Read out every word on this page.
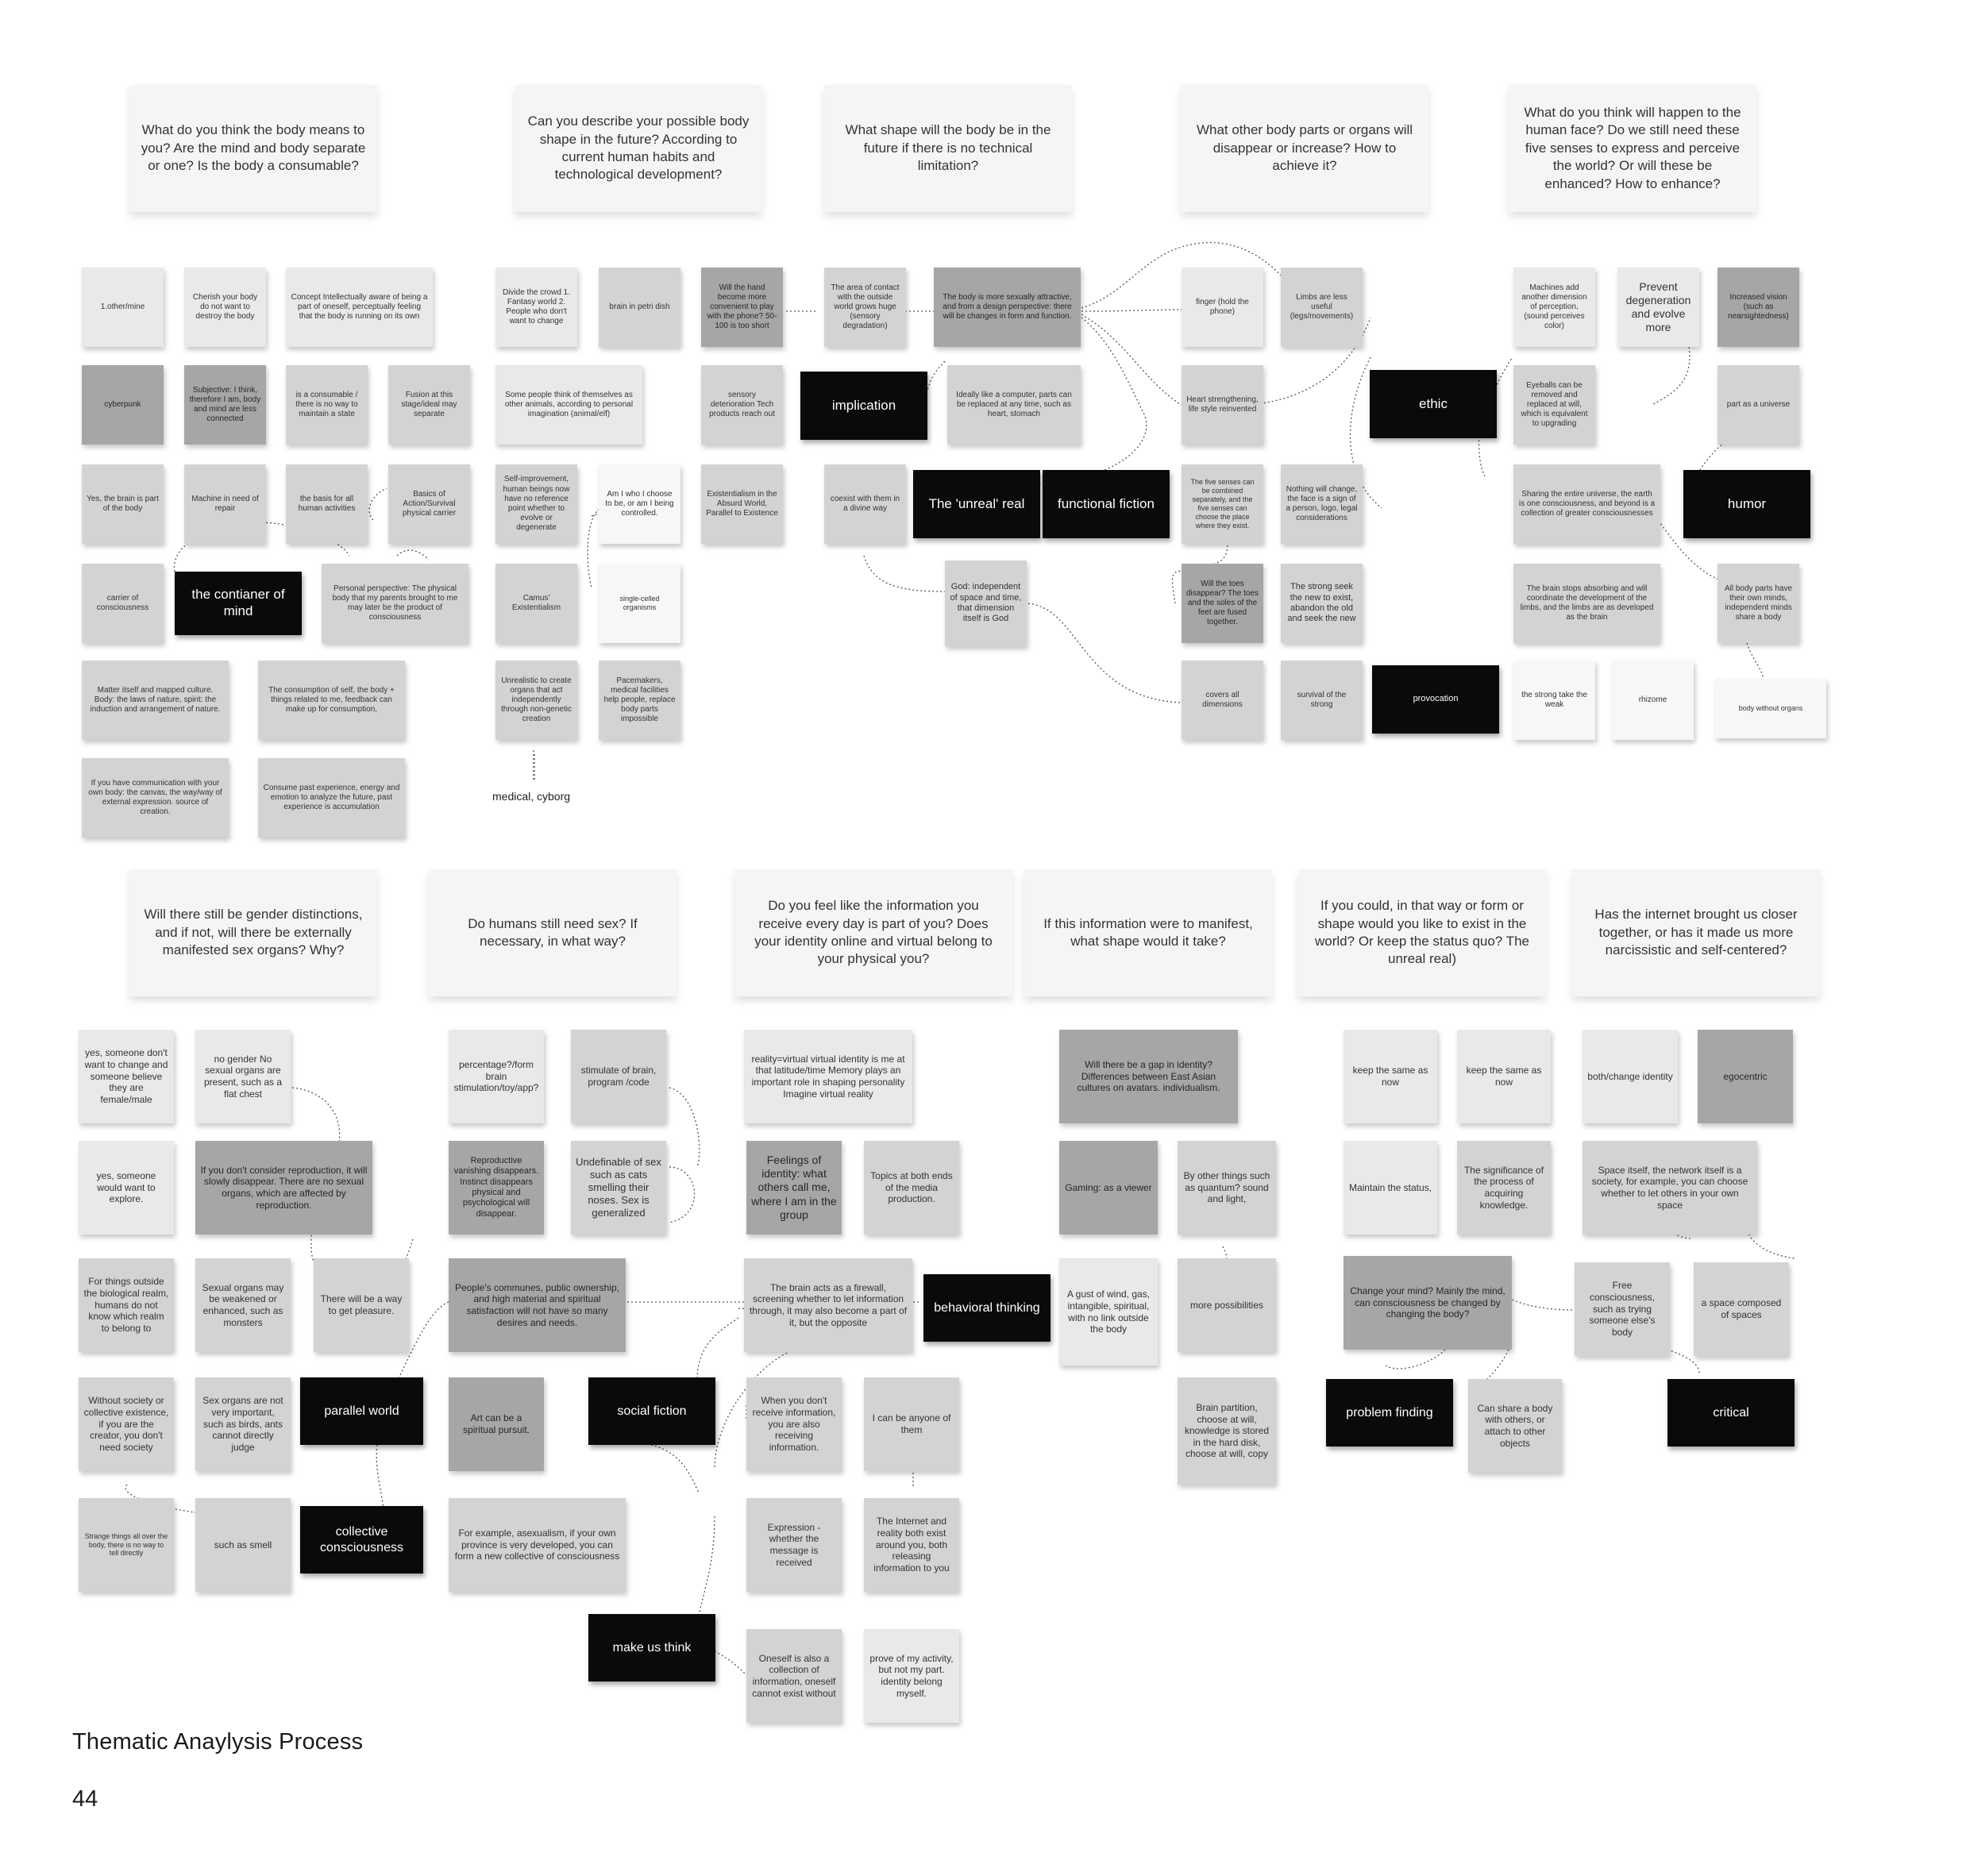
What do you think the body means to you? Are the mind and body separate or one? Is the body a consumable?
Can you describe your possible body shape in the future? According to current human habits and technological development?
What shape will the body be in the future if there is no technical limitation?
What other body parts or organs will disappear or increase? How to achieve it?
What do you think will happen to the human face? Do we still need these five senses to express and perceive the world? Or will these be enhanced? How to enhance?
Will there still be gender distinctions, and if not, will there be externally manifested sex organs? Why?
Do humans still need sex? If necessary, in what way?
Do you feel like the information you receive every day is part of you? Does your identity online and virtual belong to your physical you?
If this information were to manifest, what shape would it take?
If you could, in that way or form or shape would you like to exist in the world? Or keep the status quo? The unreal real)
Has the internet brought us closer together, or has it made us more narcissistic and self-centered?
1.other/mine
Cherish your body do not want to destroy the body
Concept Intellectually aware of being a part of oneself, perceptually feeling that the body is running on its own
cyberpunk
Subjective: I think, therefore I am, body and mind are less connected
is a consumable / there is no way to maintain a state
Fusion at this stage/ideal may separate
Yes, the brain is part of the body
Machine in need of repair
the basis for all human activities
Basics of Action/Survival physical carrier
carrier of consciousness
the contianer of mind
Personal perspective: The physical body that my parents brought to me may later be the product of consciousness
Matter itself and mapped culture. Body: the laws of nature, spirit: the induction and arrangement of nature.
The consumption of self, the body + things related to me, feedback can make up for consumption,
If you have communication with your own body: the canvas, the way/way of external expression. source of creation.
Consume past experience, energy and emotion to analyze the future, past experience is accumulation
Divide the crowd 1. Fantasy world 2. People who don't want to change
brain in petri dish
Some people think of themselves as other animals, according to personal imagination (animal/elf)
Self-improvement, human beings now have no reference point whether to evolve or degenerate
Am I who I choose to be, or am I being controlled.
Camus' Existentialism
single-celled organisms
Unrealistic to create organs that act independently through non-genetic creation
Pacemakers, medical facilities help people, replace body parts impossible
medical, cyborg
Will the hand become more convenient to play with the phone? 50-100 is too short
sensory deterioration Tech products reach out
Existentialism in the Absurd World, Parallel to Existence
The area of contact with the outside world grows huge (sensory degradation)
The body is more sexually attractive, and from a design perspective: there will be changes in form and function.
implication
Ideally like a computer, parts can be replaced at any time, such as heart, stomach
coexist with them in a divine way	The 'unreal' real	functional fiction
God: independent of space and time, that dimension itself is God
finger (hold the phone)
Limbs are less useful (legs/movements)
Heart strengthening, life style reinvented	ethic
The five senses can be combined separately, and the five senses can choose the place where they exist.
Nothing will change, the face is a sign of a person, logo, legal considerations
Will the toes disappear? The toes and the soles of the feet are fused together.
The strong seek the new to exist, abandon the old and seek the new
covers all dimensions
survival of the strong
provocation
Machines add another dimension of perception, (sound perceives color)
Prevent degeneration and evolve more
Increased vision (such as nearsightedness)
Eyeballs can be removed and replaced at will, which is equivalent to upgrading
part as a universe
Sharing the entire universe, the earth is one consciousness, and beyond is a collection of greater consciousnesses
humor
The brain stops absorbing and will coordinate the development of the limbs, and the limbs are as developed as the brain
All body parts have their own minds, independent minds share a body
the strong take the weak
rhizome
body without organs
yes, someone don't want to change and someone believe they are female/male
no gender No sexual organs are present, such as a flat chest
yes, someone would want to explore.
If you don't consider reproduction, it will slowly disappear. There are no sexual organs, which are affected by reproduction.
For things outside the biological realm, humans do not know which realm to belong to
Sexual organs may be weakened or enhanced, such as monsters
There will be a way to get pleasure.
Without society or collective existence, if you are the creator, you don't need society
Sex organs are not very important, such as birds, ants cannot directly judge
parallel world
Strange things all over the body, there is no way to tell directly
such as smell
collective consciousness
percentage?/form brain stimulation/toy/app?
stimulate of brain, program /code
Reproductive vanishing disappears. Instinct disappears physical and psychological will disappear.
Undefinable of sex such as cats smelling their noses. Sex is generalized
People's communes, public ownership, and high material and spiritual satisfaction will not have so many desires and needs.
Art can be a spiritual pursuit.
social fiction
For example, asexualism, if your own province is very developed, you can form a new collective of consciousness
make us think
reality=virtual virtual identity is me at that latitude/time Memory plays an important role in shaping personality Imagine virtual reality
Feelings of identity: what others call me, where I am in the group
Topics at both ends of the media production.
The brain acts as a firewall, screening whether to let information through, it may also become a part of it, but the opposite
behavioral thinking
When you don't receive information, you are also receiving information.
I can be anyone of them
Expression - whether the message is received
The Internet and reality both exist around you, both releasing information to you
Oneself is also a collection of information, oneself cannot exist without
prove of my activity, but not my part. identity belong myself.
Will there be a gap in identity? Differences between East Asian cultures on avatars. individualism.
Gaming: as a viewer
By other things such as quantum? sound and light,
A gust of wind, gas, intangible, spiritual, with no link outside the body
more possibilities
Brain partition, choose at will, knowledge is stored in the hard disk, choose at will, copy
keep the same as now
keep the same as now
Maintain the status,
The significance of the process of acquiring knowledge.
Change your mind? Mainly the mind, can consciousness be changed by changing the body?
problem finding	Can share a body with others, or attach to other objects
both/change identity	egocentric
Space itself, the network itself is a society, for example, you can choose whether to let others in your own space
Free consciousness, such as trying someone else's body
a space composed of spaces
critical
Thematic Anaylysis Process
44
